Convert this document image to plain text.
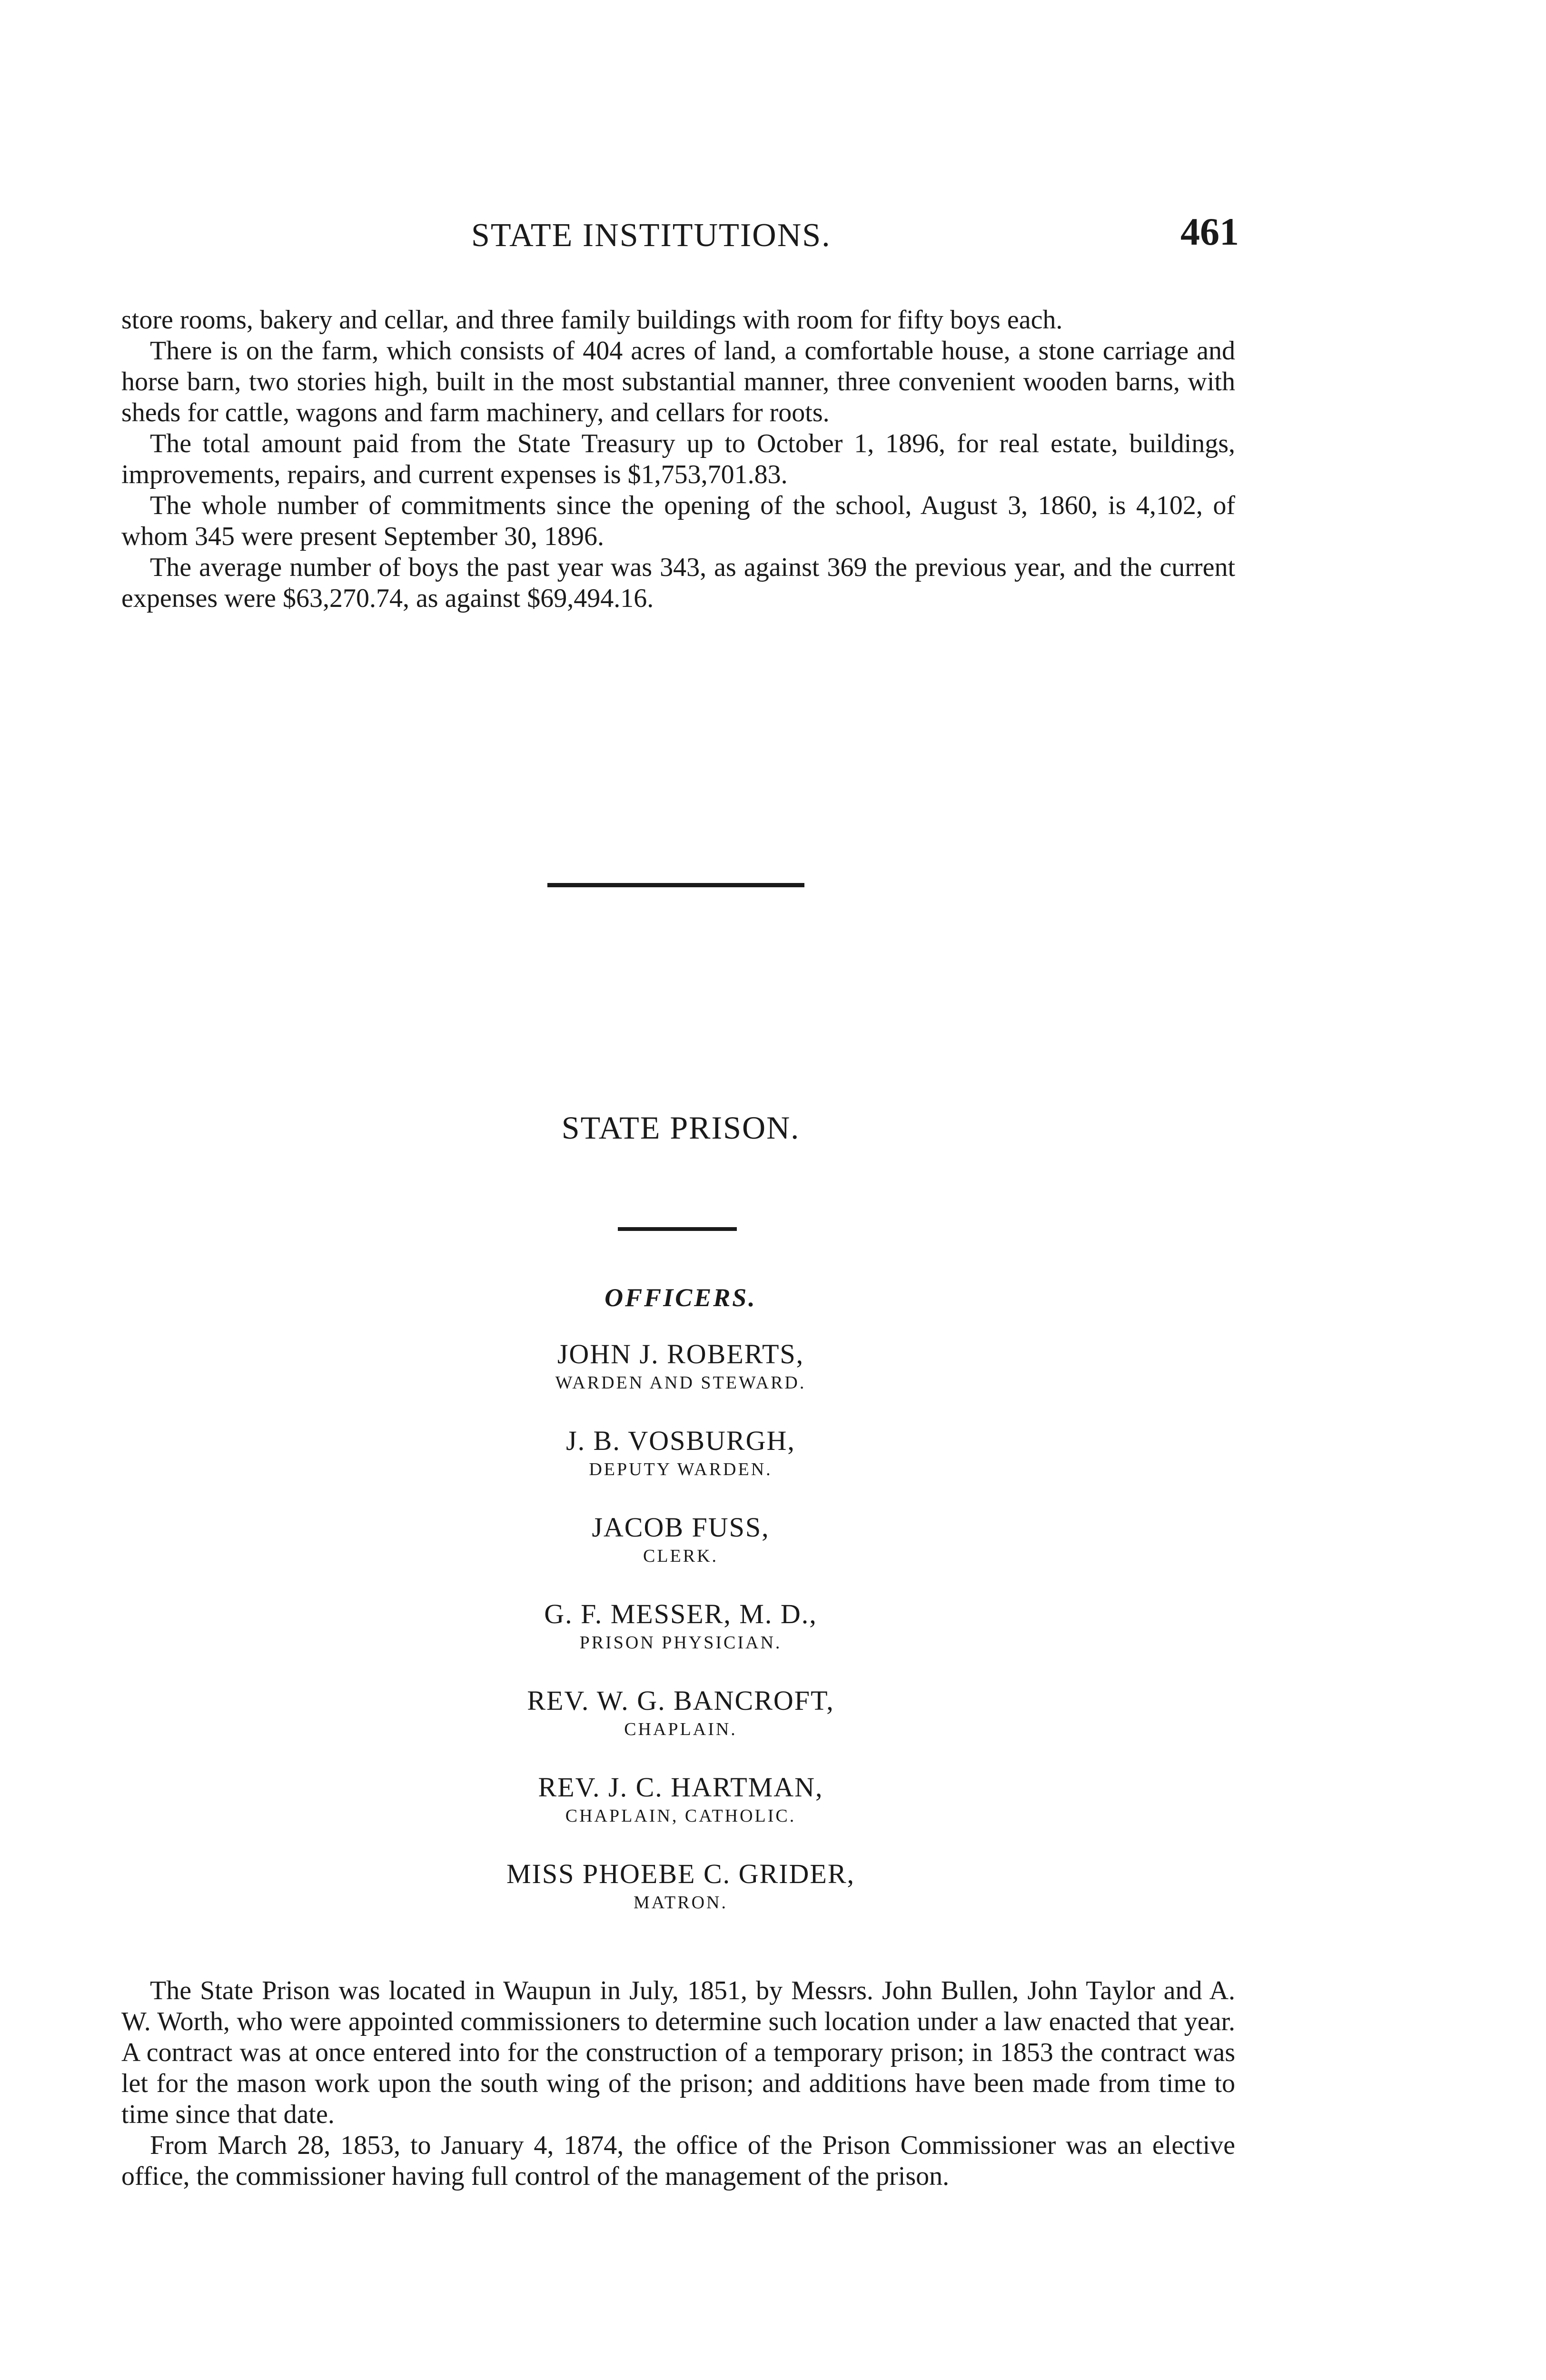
STATE INSTITUTIONS.	461

store rooms, bakery and cellar, and three family buildings with room for fifty boys each.

There is on the farm, which consists of 404 acres of land, a comfortable house, a stone carriage and horse barn, two stories high, built in the most substantial manner, three convenient wooden barns, with sheds for cattle, wagons and farm machinery, and cellars for roots.

The total amount paid from the State Treasury up to October 1, 1896, for real estate, buildings, improvements, repairs, and current expenses is $1,753,701.83.

The whole number of commitments since the opening of the school, August 3, 1860, is 4,102, of whom 345 were present September 30, 1896.

The average number of boys the past year was 343, as against 369 the previous year, and the current expenses were $63,270.74, as against $69,494.16.

STATE PRISON.
OFFICERS.
JOHN J. ROBERTS,
WARDEN AND STEWARD.
J. B. VOSBURGH,
DEPUTY WARDEN.
JACOB FUSS,
CLERK.
G. F. MESSER, M. D.,
PRISON PHYSICIAN.
REV. W. G. BANCROFT,
CHAPLAIN.
REV. J. C. HARTMAN,
CHAPLAIN, CATHOLIC.
MISS PHOEBE C. GRIDER,
MATRON.

The State Prison was located in Waupun in July, 1851, by Messrs. John Bullen, John Taylor and A. W. Worth, who were appointed commissioners to determine such location under a law enacted that year. A contract was at once entered into for the construction of a temporary prison; in 1853 the contract was let for the mason work upon the south wing of the prison; and additions have been made from time to time since that date.

From March 28, 1853, to January 4, 1874, the office of the Prison Commissioner was an elective office, the commissioner having full control of the management of the prison.
